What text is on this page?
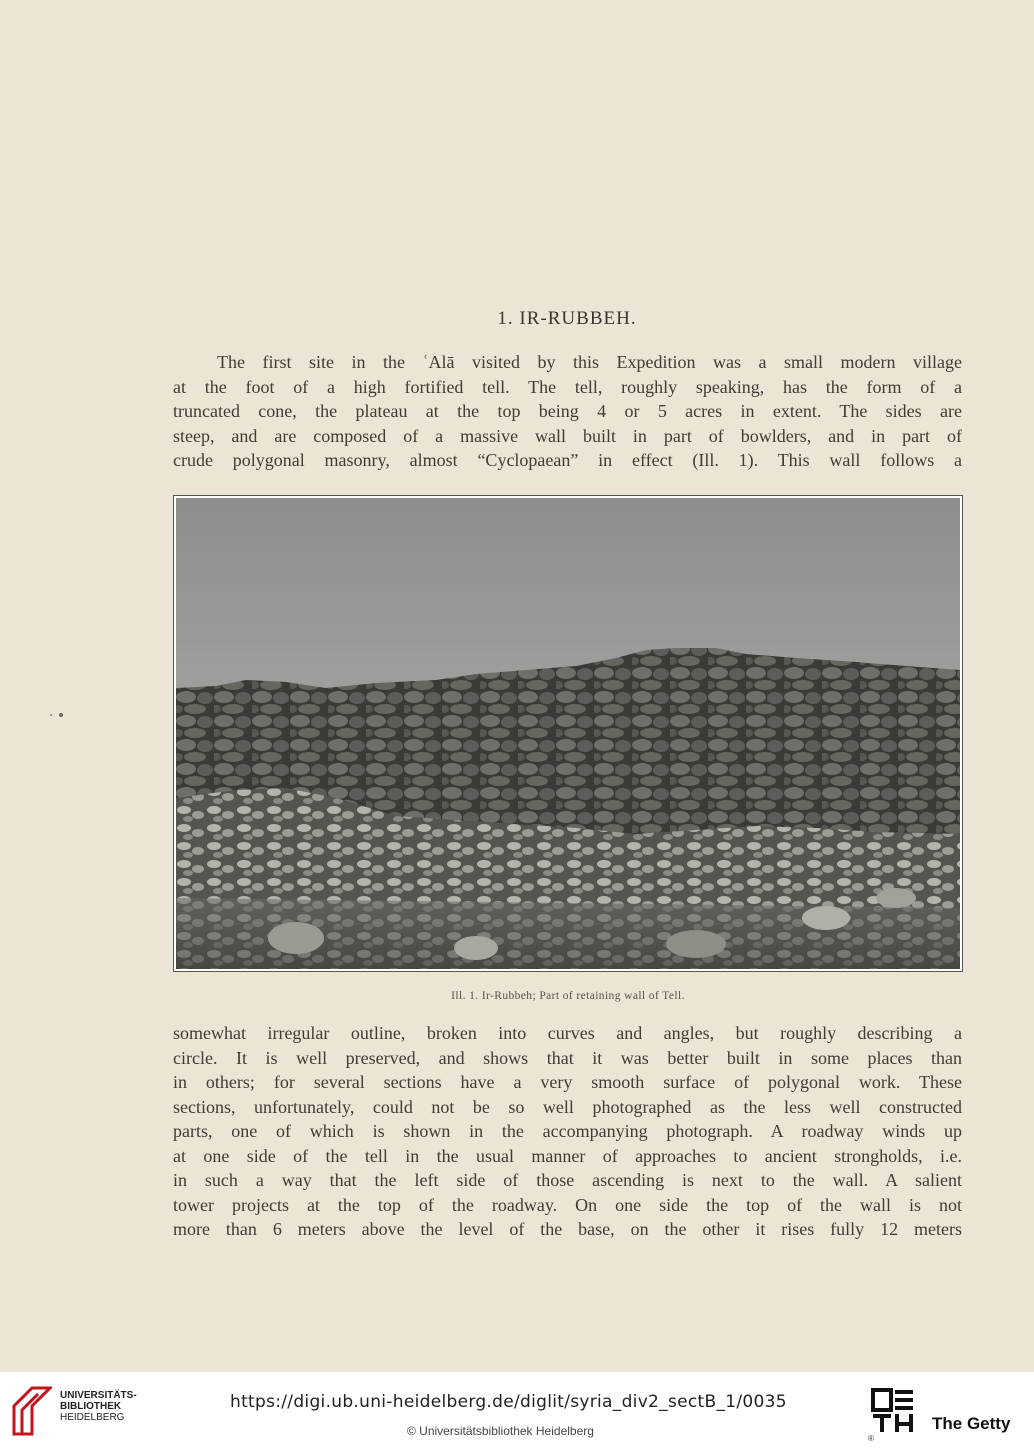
1. IR-RUBBEH.
The first site in the ʿAlā visited by this Expedition was a small modern village
at the foot of a high fortified tell. The tell, roughly speaking, has the form of a
truncated cone, the plateau at the top being 4 or 5 acres in extent. The sides are
steep, and are composed of a massive wall built in part of bowlders, and in part of
crude polygonal masonry, almost “Cyclopaean” in effect (Ill. 1). This wall follows a
Ill. 1. Ir-Rubbeh; Part of retaining wall of Tell.
somewhat irregular outline, broken into curves and angles, but roughly describing a
circle. It is well preserved, and shows that it was better built in some places than
in others; for several sections have a very smooth surface of polygonal work. These
sections, unfortunately, could not be so well photographed as the less well constructed
parts, one of which is shown in the accompanying photograph. A roadway winds up
at one side of the tell in the usual manner of approaches to ancient strongholds, i.e.
in such a way that the left side of those ascending is next to the wall. A salient
tower projects at the top of the roadway. On one side the top of the wall is not
more than 6 meters above the level of the base, on the other it rises fully 12 meters
UNIVERSITÄTS-
BIBLIOTHEK
HEIDELBERG
https://digi.ub.uni-heidelberg.de/diglit/syria_div2_sectB_1/0035
© Universitätsbibliothek Heidelberg
®
The Getty
